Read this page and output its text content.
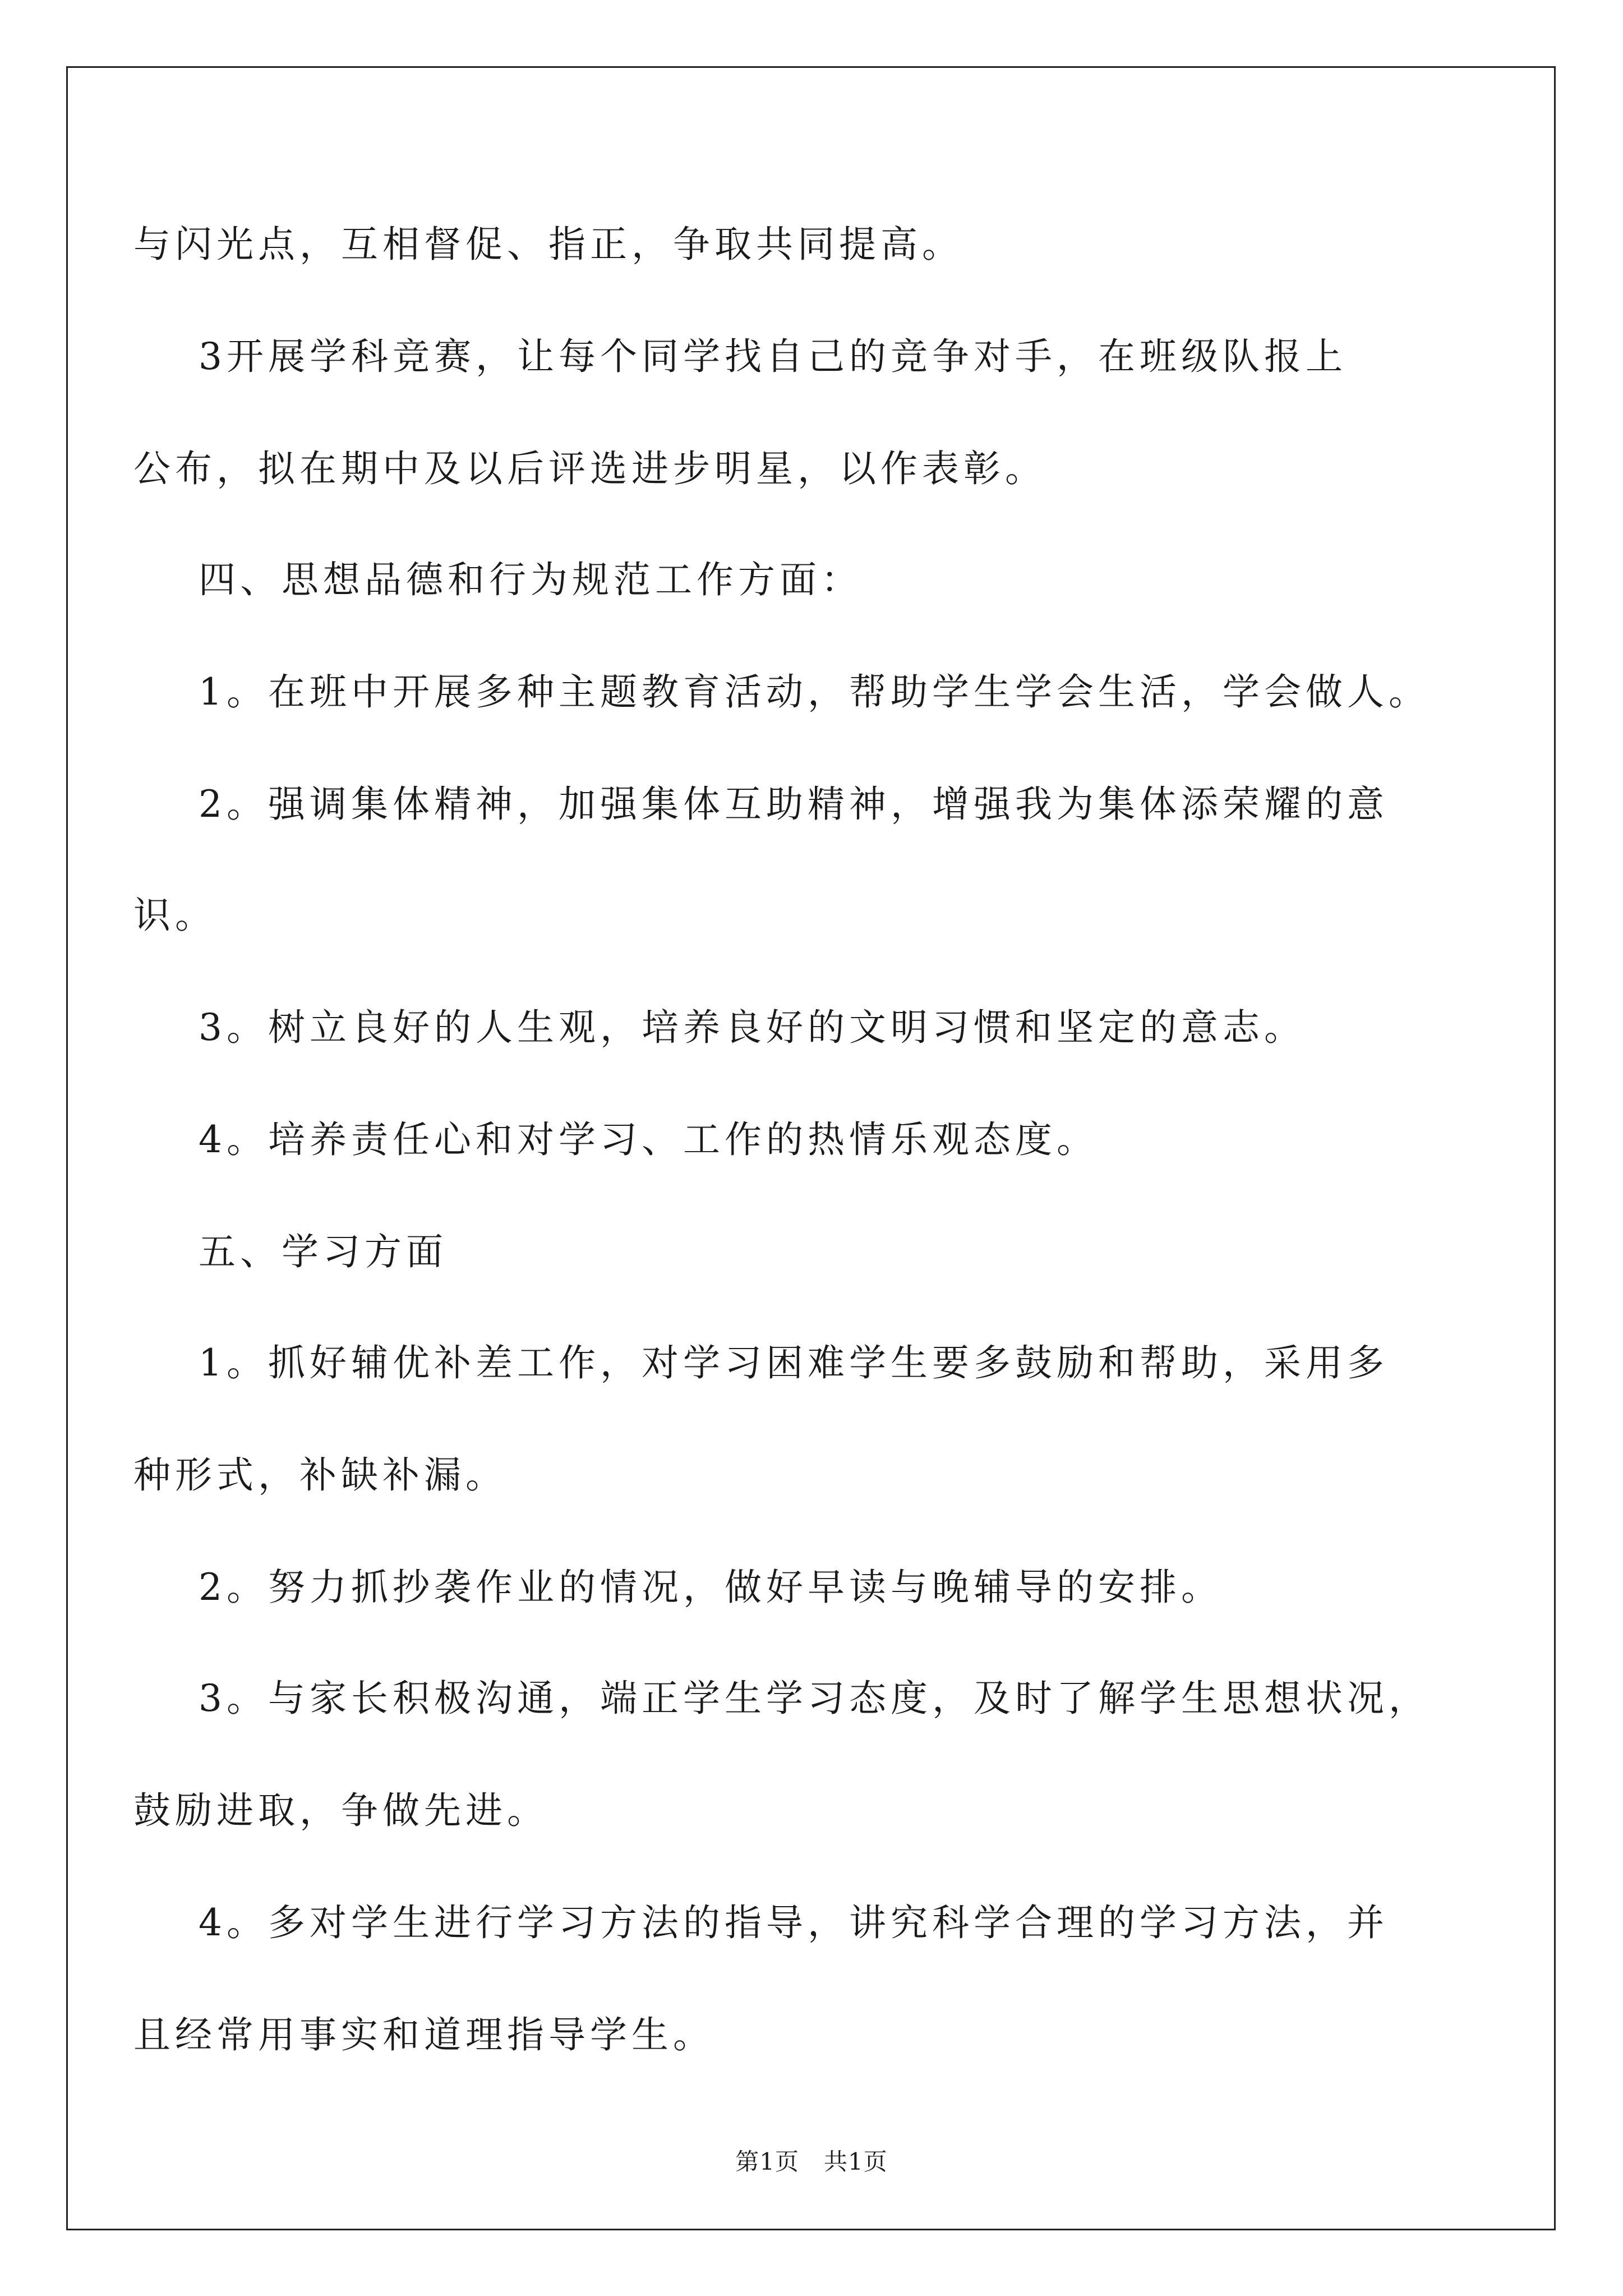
与闪光点，互相督促、指正，争取共同提高。
3开展学科竞赛，让每个同学找自己的竞争对手，在班级队报上
公布，拟在期中及以后评选进步明星，以作表彰。
四、思想品德和行为规范工作方面：
1。在班中开展多种主题教育活动，帮助学生学会生活，学会做人。
2。强调集体精神，加强集体互助精神，增强我为集体添荣耀的意
识。
3。树立良好的人生观，培养良好的文明习惯和坚定的意志。
4。培养责任心和对学习、工作的热情乐观态度。
五、学习方面
1。抓好辅优补差工作，对学习困难学生要多鼓励和帮助，采用多
种形式，补缺补漏。
2。努力抓抄袭作业的情况，做好早读与晚辅导的安排。
3。与家长积极沟通，端正学生学习态度，及时了解学生思想状况，
鼓励进取，争做先进。
4。多对学生进行学习方法的指导，讲究科学合理的学习方法，并
且经常用事实和道理指导学生。
第1页 共1页
